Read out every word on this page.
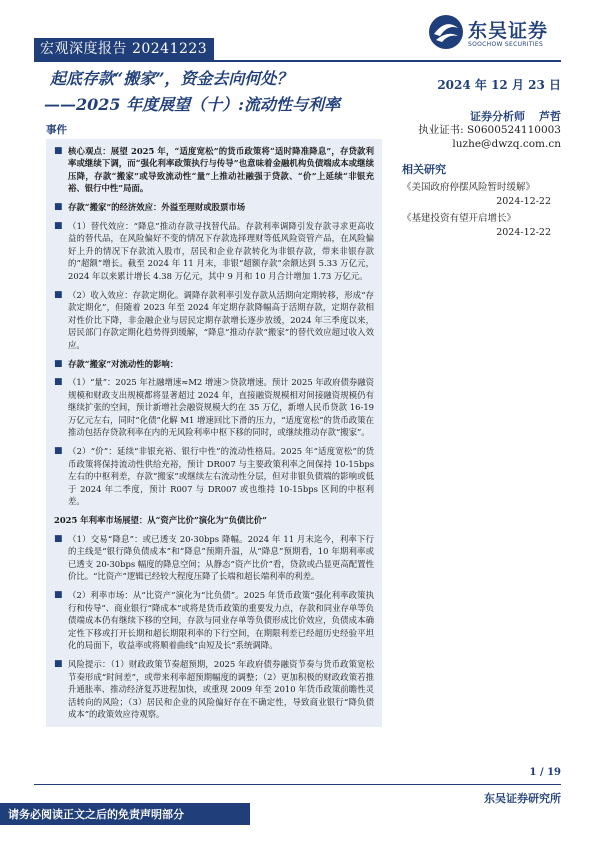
宏观深度报告 20241223
东吴证券
SOOCHOW SECURITIES
起底存款“搬家”，资金去向何处？
——2025 年度展望（十）:流动性与利率
2024 年 12 月 23 日
证券分析师 芦哲
执业证书: S0600524110003
luzhe@dwzq.com.cn
相关研究
《美国政府停摆风险暂时缓解》
2024-12-22
《基建投资有望开启增长》
2024-12-22
事件
■ 核心观点：展望 2025 年，“适度宽松”的货币政策将“适时降准降息”，存贷款利率或继续下调，而“强化利率政策执行与传导”也意味着金融机构负债端成本或继续压降，存款“搬家”或导致流动性“量”上推动社融强于贷款、“价”上延续“非银充裕、银行中性”局面。
■ 存款“搬家”的经济效应：外溢至理财或股票市场
■ （1）替代效应：“降息”推动存款寻找替代品。存款利率调降引发存款寻求更高收益的替代品，在风险偏好不变的情况下存款选择理财等低风险资管产品，在风险偏好上升的情况下存款流入股市，居民和企业存款转化为非银存款，带来非银存款的“超额”增长。截至 2024 年 11 月末，非银“超额存款”余额达到 5.33 万亿元，2024 年以来累计增长 4.38 万亿元，其中 9 月和 10 月合计增加 1.73 万亿元。
■ （2）收入效应：存款定期化。调降存款利率引发存款从活期向定期转移，形成“存款定期化”，但随着 2023 年至 2024 年定期存款降幅高于活期存款，定期存款相对性价比下降，非金融企业与居民定期存款增长逐步放缓，2024 年三季度以来，居民部门存款定期化趋势得到缓解，“降息”推动存款“搬家”的替代效应超过收入效应。
■ 存款“搬家”对流动性的影响：
■ （1）“量”：2025 年社融增速≈M2 增速＞贷款增速。预计 2025 年政府债券融资规模和财政支出规模都将显著超过 2024 年，直接融资规模相对间接融资规模仍有继续扩张的空间，预计新增社会融资规模大约在 35 万亿，新增人民币贷款 16-19 万亿元左右，同时“化债”化解 M1 增速回比下滑的压力，“适度宽松”的货币政策在推动包括存贷款利率在内的无风险利率中枢下移的同时，或继续推动存款“搬家”。
■ （2）“价”：延续“非银充裕、银行中性”的流动性格局。2025 年“适度宽松”的货币政策将保持流动性供给充裕，预计 DR007 与主要政策利率之间保持 10-15bps 左右的中枢利差，存款“搬家”或继续左右流动性分层，但对非银负债端的影响或低于 2024 年二季度，预计 R007 与 DR007 或也维持 10-15bps 区间的中枢利差。
2025 年利率市场展望：从“资产比价”演化为“负债比价”
■ （1）交易“降息”：或已透支 20-30bps 降幅。2024 年 11 月末迄今，利率下行的主线是“银行降负债成本”和“降息”预期升温，从“降息”预期看，10 年期利率或已透支 20-30bps 幅度的降息空间；从静态“资产比价”看，贷款或凸显更高配置性价比。“比资产”逻辑已经较大程度压降了长端和超长端利率的利差。
■ （2）利率市场：从“比资产”演化为“比负债”。2025 年货币政策“强化利率政策执行和传导”、商业银行“降成本”或将是货币政策的重要发力点，存款和同业存单等负债端成本仍有继续下移的空间，存款与同业存单等负债形成比价效应，负债成本确定性下移或打开长期和超长期限利率的下行空间，在期限利差已经超历史经验平坦化的局面下，收益率或将顺着曲线“由短及长”系统调降。
■ 风险提示：（1）财政政策节奏超预期，2025 年政府债券融资节奏与货币政策宽松节奏形成“时间差”，或带来利率超预期幅度的调整；（2）更加积极的财政政策若推升通胀率、推动经济复苏进程加快，或重现 2009 年至 2010 年货币政策前瞻性灵活转向的风险；（3）居民和企业的风险偏好存在不确定性，导致商业银行“降负债成本”的政策效应待观察。
1 / 19
东吴证券研究所
请务必阅读正文之后的免责声明部分
